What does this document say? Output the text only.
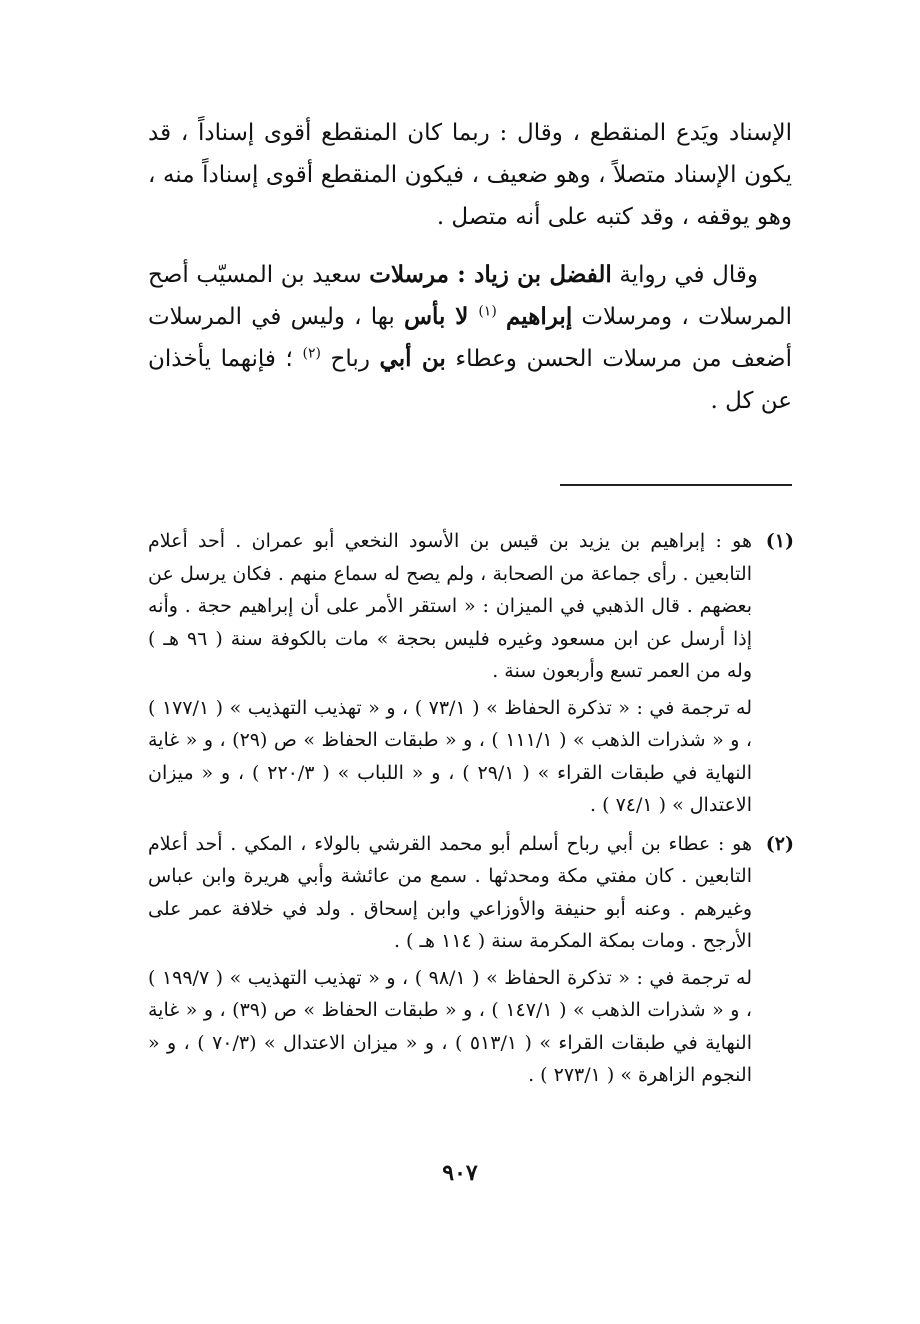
الإسناد ويَدع المنقطع ، وقال : ربما كان المنقطع أقوى إسناداً ، قد يكون الإسناد متصلاً ، وهو ضعيف ، فيكون المنقطع أقوى إسناداً منه ، وهو يوقفه ، وقد كتبه على أنه متصل .

وقال في رواية الفضل بن زياد : مرسلات سعيد بن المسيّب أصح المرسلات ، ومرسلات إبراهيم $^{(١)}$ لا بأس بها ، وليس في المرسلات أضعف من مرسلات الحسن وعطاء بن أبي رباح $^{(٢)}$ ؛ فإنهما يأخذان عن كل .

(١)

هو : إبراهيم بن يزيد بن قيس بن الأسود النخعي أبو عمران . أحد أعلام التابعين . رأى جماعة من الصحابة ، ولم يصح له سماع منهم . فكان يرسل عن بعضهم . قال الذهبي في الميزان : « استقر الأمر على أن إبراهيم حجة . وأنه إذا أرسل عن ابن مسعود وغيره فليس بحجة » مات بالكوفة سنة ( ٩٦ هـ ) وله من العمر تسع وأربعون سنة .

له ترجمة في : « تذكرة الحفاظ » ( ٧٣/١ ) ، و « تهذيب التهذيب » ( ١٧٧/١ ) ، و « شذرات الذهب » ( ١١١/١ ) ، و « طبقات الحفاظ » ص (٢٩) ، و « غاية النهاية في طبقات القراء » ( ٢٩/١ ) ، و « اللباب » ( ٢٢٠/٣ ) ، و « ميزان الاعتدال » ( ٧٤/١ ) .

(٢)

هو : عطاء بن أبي رباح أسلم أبو محمد القرشي بالولاء ، المكي . أحد أعلام التابعين . كان مفتي مكة ومحدثها . سمع من عائشة وأبي هريرة وابن عباس وغيرهم . وعنه أبو حنيفة والأوزاعي وابن إسحاق . ولد في خلافة عمر على الأرجح . ومات بمكة المكرمة سنة ( ١١٤ هـ ) .

له ترجمة في : « تذكرة الحفاظ » ( ٩٨/١ ) ، و « تهذيب التهذيب » ( ١٩٩/٧ ) ، و « شذرات الذهب » ( ١٤٧/١ ) ، و « طبقات الحفاظ » ص (٣٩) ، و « غاية النهاية في طبقات القراء » ( ٥١٣/١ ) ، و « ميزان الاعتدال » (٧٠/٣ ) ، و « النجوم الزاهرة » ( ٢٧٣/١ ) .

٩٠٧
